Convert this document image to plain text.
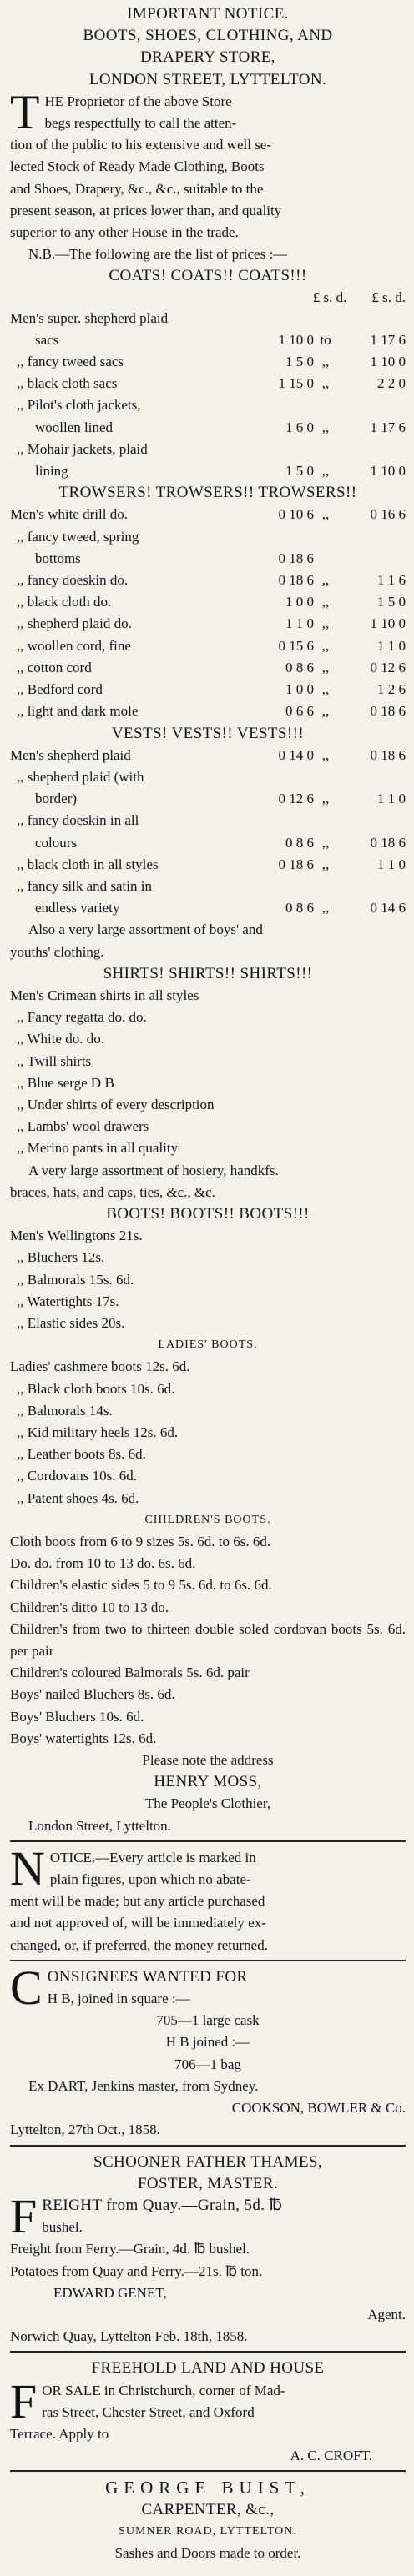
IMPORTANT NOTICE.
BOOTS, SHOES, CLOTHING, AND
DRAPERY STORE,
LONDON STREET, LYTTELTON.
T HE Proprietor of the above Store
begs respectfully to call the atten-
tion of the public to his extensive and well se-
lected Stock of Ready Made Clothing, Boots
and Shoes, Drapery, &c., &c., suitable to the
present season, at prices lower than, and quality
superior to any other House in the trade.
N.B.—The following are the list of prices :—
COATS! COATS!! COATS!!!
£ s. d. £ s. d.
Men's super. shepherd plaid
sacs	1 10 0 to	1 17 6
,, fancy tweed sacs	1 5 0 ,,	1 10 0
,, black cloth sacs	1 15 0 ,,	2 2 0
,, Pilot's cloth jackets,
woollen lined	1 6 0 ,,	1 17 6
,, Mohair jackets, plaid
lining	1 5 0 ,,	1 10 0
TROWSERS! TROWSERS!! TROWSERS!!
Men's white drill do.	0 10 6 ,,	0 16 6
,, fancy tweed, spring
bottoms	0 18 6
,, fancy doeskin do.	0 18 6 ,,	1 1 6
,, black cloth do.	1 0 0 ,,	1 5 0
,, shepherd plaid do.	1 1 0 ,,	1 10 0
,, woollen cord, fine	0 15 6 ,,	1 1 0
,, cotton cord	0 8 6 ,,	0 12 6
,, Bedford cord	1 0 0 ,,	1 2 6
,, light and dark mole	0 6 6 ,,	0 18 6
VESTS! VESTS!! VESTS!!!
Men's shepherd plaid	0 14 0 ,,	0 18 6
,, shepherd plaid (with
border)	0 12 6 ,,	1 1 0
,, fancy doeskin in all
colours	0 8 6 ,,	0 18 6
,, black cloth in all styles	0 18 6 ,,	1 1 0
,, fancy silk and satin in
endless variety	0 8 6 ,,	0 14 6
Also a very large assortment of boys' and
youths' clothing.
SHIRTS! SHIRTS!! SHIRTS!!!
Men's Crimean shirts in all styles
,, Fancy regatta do. do.
,, White do. do.
,, Twill shirts
,, Blue serge D B
,, Under shirts of every description
,, Lambs' wool drawers
,, Merino pants in all quality
A very large assortment of hosiery, handkfs.
braces, hats, and caps, ties, &c., &c.
BOOTS! BOOTS!! BOOTS!!!
Men's Wellingtons 21s.
,, Bluchers 12s.
,, Balmorals 15s. 6d.
,, Watertights 17s.
,, Elastic sides 20s.
LADIES' BOOTS.
Ladies' cashmere boots 12s. 6d.
,, Black cloth boots 10s. 6d.
,, Balmorals 14s.
,, Kid military heels 12s. 6d.
,, Leather boots 8s. 6d.
,, Cordovans 10s. 6d.
,, Patent shoes 4s. 6d.
CHILDREN'S BOOTS.
Cloth boots from 6 to 9 sizes 5s. 6d. to 6s. 6d.
Do. do. from 10 to 13 do. 6s. 6d.
Children's elastic sides 5 to 9 5s. 6d. to 6s. 6d.
Children's ditto 10 to 13 do.
Children's from two to thirteen double soled cordovan boots 5s. 6d. per pair
Children's coloured Balmorals 5s. 6d. pair
Boys' nailed Bluchers 8s. 6d.
Boys' Bluchers 10s. 6d.
Boys' watertights 12s. 6d.
Please note the address
HENRY MOSS,
The People's Clothier,
London Street, Lyttelton.
N OTICE.—Every article is marked in
plain figures, upon which no abate-
ment will be made; but any article purchased
and not approved of, will be immediately ex-
changed, or, if preferred, the money returned.
C ONSIGNEES WANTED FOR
H B, joined in square :—
705—1 large cask
H B joined :—
706—1 bag
Ex DART, Jenkins master, from Sydney.
COOKSON, BOWLER & Co.
Lyttelton, 27th Oct., 1858.
SCHOONER FATHER THAMES,
FOSTER, MASTER.
F REIGHT from Quay.—Grain, 5d. ℔
bushel.
Freight from Ferry.—Grain, 4d. ℔ bushel.
Potatoes from Quay and Ferry.—21s. ℔ ton.
EDWARD GENET,
Agent.
Norwich Quay, Lyttelton Feb. 18th, 1858.
FREEHOLD LAND AND HOUSE
F OR SALE in Christchurch, corner of Mad-
ras Street, Chester Street, and Oxford
Terrace. Apply to
A. C. CROFT.
GEORGE BUIST,
CARPENTER, &c.,
SUMNER ROAD, LYTTELTON.
Sashes and Doors made to order.
